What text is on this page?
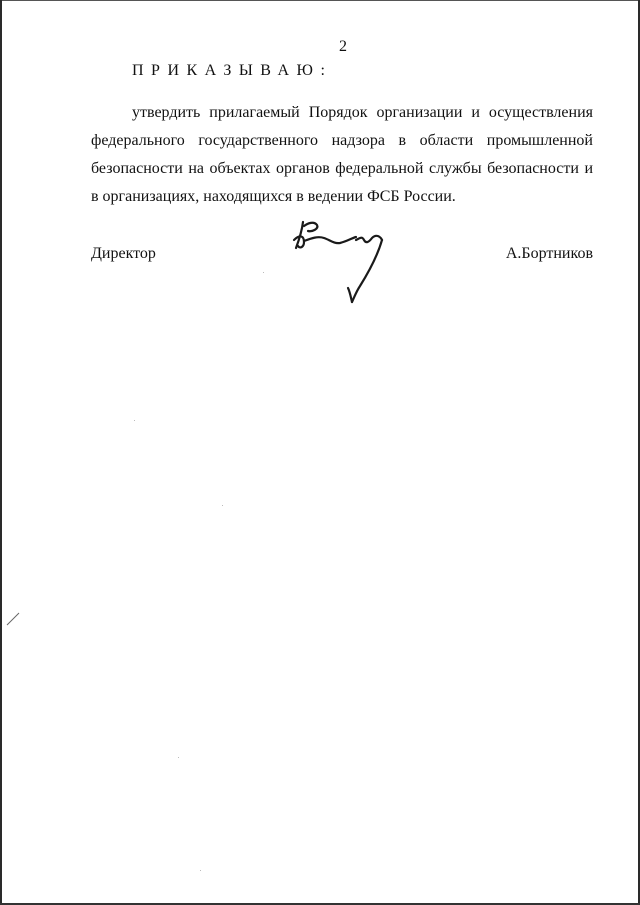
2
ПРИКАЗЫВАЮ:
утвердить прилагаемый Порядок организации и осуществления федерального государственного надзора в области промышленной безопасности на объектах органов федеральной службы безопасности и в организациях, находящихся в ведении ФСБ России.
Директор	А.Бортников
